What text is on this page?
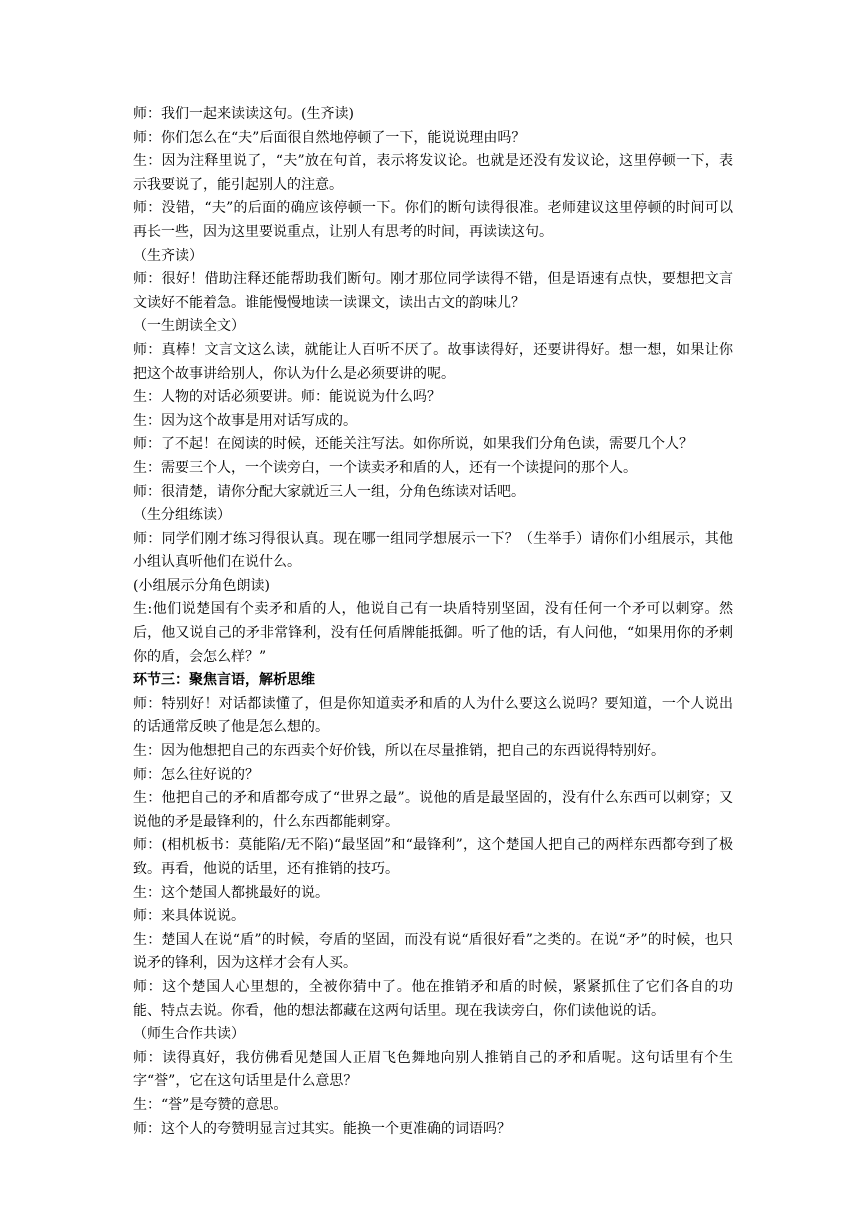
师：我们一起来读读这句。(生齐读)

师：你们怎么在“夫”后面很自然地停顿了一下，能说说理由吗？

生：因为注释里说了，“夫”放在句首，表示将发议论。也就是还没有发议论，这里停顿一下，表示我要说了，能引起别人的注意。

师：没错，“夫”的后面的确应该停顿一下。你们的断句读得很准。老师建议这里停顿的时间可以再长一些，因为这里要说重点，让别人有思考的时间，再读读这句。

（生齐读）

师：很好！借助注释还能帮助我们断句。刚才那位同学读得不错，但是语速有点快，要想把文言文读好不能着急。谁能慢慢地读一读课文，读出古文的韵味儿？

（一生朗读全文）

师：真棒！文言文这么读，就能让人百听不厌了。故事读得好，还要讲得好。想一想，如果让你把这个故事讲给别人，你认为什么是必须要讲的呢。

生：人物的对话必须要讲。师：能说说为什么吗？

生：因为这个故事是用对话写成的。

师：了不起！在阅读的时候，还能关注写法。如你所说，如果我们分角色读，需要几个人？

生：需要三个人，一个读旁白，一个读卖矛和盾的人，还有一个读提问的那个人。

师：很清楚，请你分配大家就近三人一组，分角色练读对话吧。

（生分组练读）

师：同学们刚才练习得很认真。现在哪一组同学想展示一下？（生举手）请你们小组展示，其他小组认真听他们在说什么。

(小组展示分角色朗读)

生:他们说楚国有个卖矛和盾的人，他说自己有一块盾特别坚固，没有任何一个矛可以刺穿。然后，他又说自己的矛非常锋利，没有任何盾牌能抵御。听了他的话，有人问他，“如果用你的矛刺你的盾，会怎么样？”

环节三：聚焦言语，解析思维

师：特别好！对话都读懂了，但是你知道卖矛和盾的人为什么要这么说吗？要知道，一个人说出的话通常反映了他是怎么想的。

生：因为他想把自己的东西卖个好价钱，所以在尽量推销，把自己的东西说得特别好。

师：怎么往好说的？

生：他把自己的矛和盾都夸成了“世界之最”。说他的盾是最坚固的，没有什么东西可以刺穿；又说他的矛是最锋利的，什么东西都能刺穿。

师：(相机板书：莫能陷/无不陷)“最坚固”和“最锋利”，这个楚国人把自己的两样东西都夸到了极致。再看，他说的话里，还有推销的技巧。

生：这个楚国人都挑最好的说。

师：来具体说说。

生：楚国人在说“盾”的时候，夸盾的坚固，而没有说“盾很好看”之类的。在说“矛”的时候，也只说矛的锋利，因为这样才会有人买。

师：这个楚国人心里想的，全被你猜中了。他在推销矛和盾的时候，紧紧抓住了它们各自的功能、特点去说。你看，他的想法都藏在这两句话里。现在我读旁白，你们读他说的话。

（师生合作共读）

师：读得真好，我仿佛看见楚国人正眉飞色舞地向别人推销自己的矛和盾呢。这句话里有个生字“誉”，它在这句话里是什么意思？

生：“誉”是夸赞的意思。

师：这个人的夸赞明显言过其实。能换一个更准确的词语吗？
